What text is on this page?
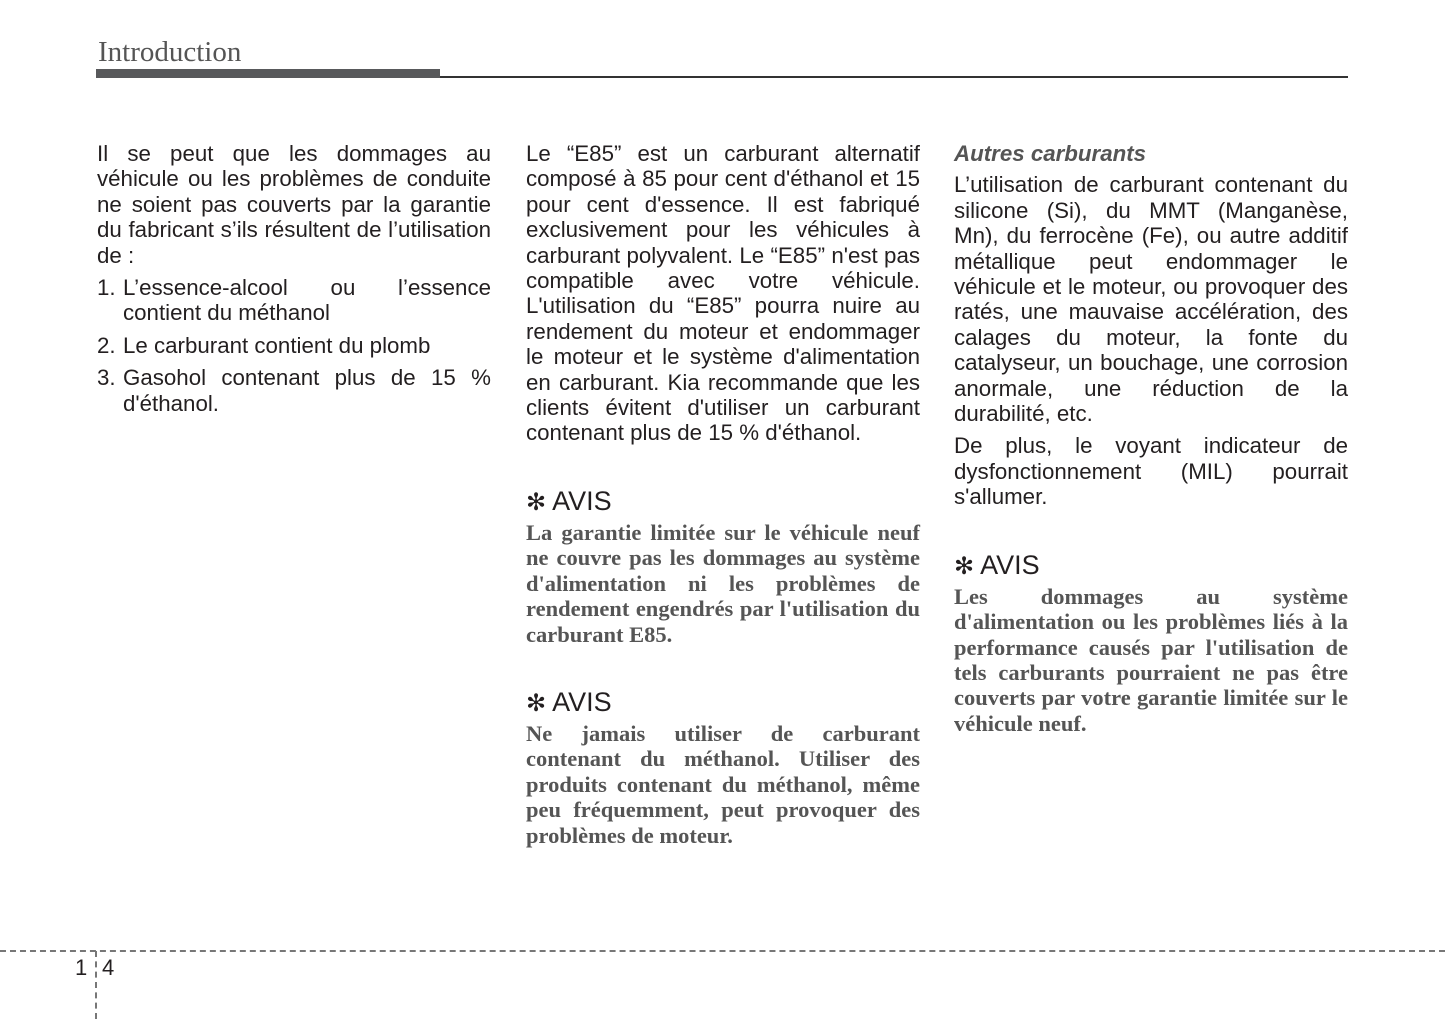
Introduction

Il se peut que les dommages au véhicule ou les problèmes de conduite ne soient pas couverts par la garantie du fabricant s’ils résultent de l’utilisation de :

1. L’essence-alcool ou l’essence contient du méthanol
2. Le carburant contient du plomb
3. Gasohol contenant plus de 15 % d'éthanol.

Le “E85” est un carburant alternatif composé à 85 pour cent d'éthanol et 15 pour cent d'essence. Il est fabriqué exclusivement pour les véhicules à carburant polyvalent. Le “E85” n'est pas compatible avec votre véhicule. L'utilisation du “E85” pourra nuire au rendement du moteur et endommager le moteur et le système d'alimentation en carburant. Kia recommande que les clients évitent d'utiliser un carburant contenant plus de 15 % d'éthanol.

✻ AVIS
La garantie limitée sur le véhicule neuf ne couvre pas les dommages au système d'alimentation ni les problèmes de rendement engendrés par l'utilisation du carburant E85.
✻ AVIS
Ne jamais utiliser de carburant contenant du méthanol. Utiliser des produits contenant du méthanol, même peu fréquemment, peut provoquer des problèmes de moteur.

Autres carburants

L’utilisation de carburant contenant du silicone (Si), du MMT (Manganèse, Mn), du ferrocène (Fe), ou autre additif métallique peut endommager le véhicule et le moteur, ou provoquer des ratés, une mauvaise accélération, des calages du moteur, la fonte du catalyseur, un bouchage, une corrosion anormale, une réduction de la durabilité, etc.

De plus, le voyant indicateur de dysfonctionnement (MIL) pourrait s'allumer.

✻ AVIS
Les dommages au système d'alimentation ou les problèmes liés à la performance causés par l'utilisation de tels carburants pourraient ne pas être couverts par votre garantie limitée sur le véhicule neuf.
1 4
